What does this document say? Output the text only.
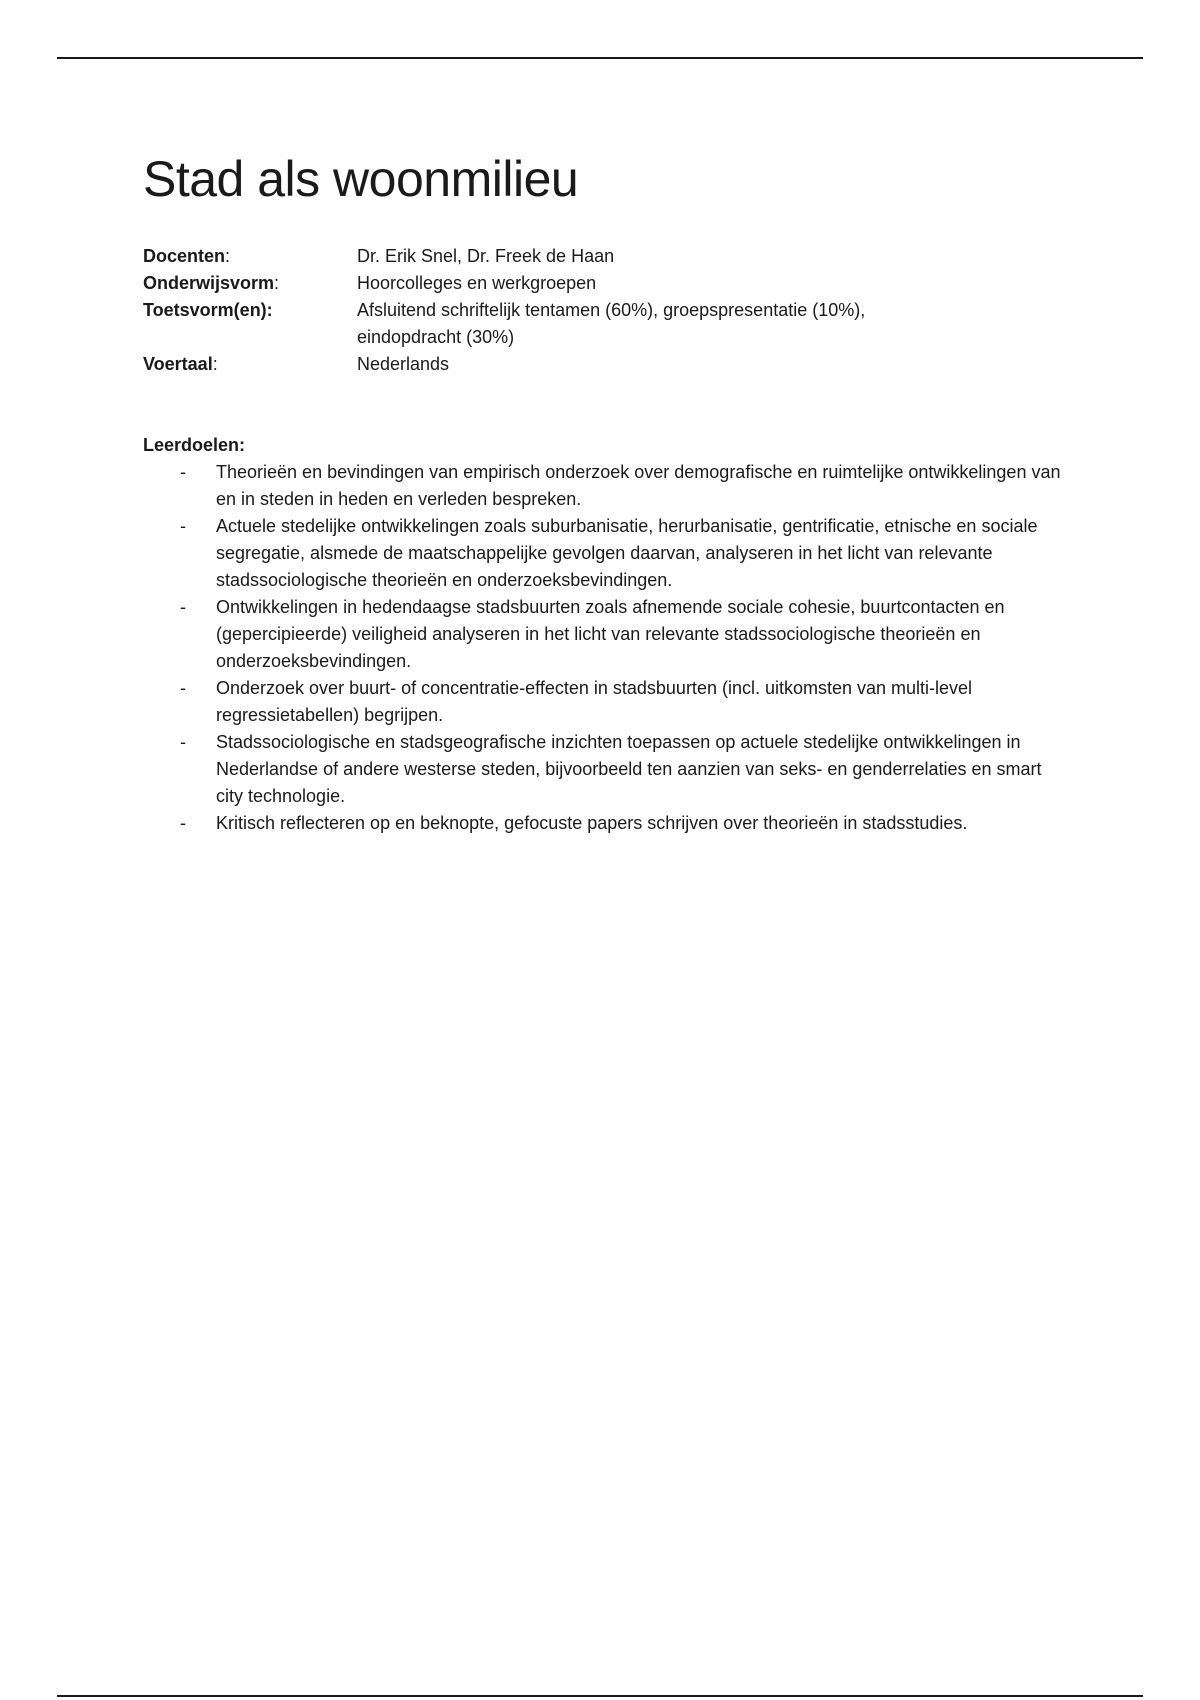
Stad als woonmilieu
Docenten:	Dr. Erik Snel, Dr. Freek de Haan
Onderwijsvorm:	Hoorcolleges en werkgroepen
Toetsvorm(en):	Afsluitend schriftelijk tentamen (60%), groepspresentatie (10%), eindopdracht (30%)
Voertaal:	Nederlands
Leerdoelen:
- Theorieën en bevindingen van empirisch onderzoek over demografische en ruimtelijke ontwikkelingen van en in steden in heden en verleden bespreken.
- Actuele stedelijke ontwikkelingen zoals suburbanisatie, herurbanisatie, gentrificatie, etnische en sociale segregatie, alsmede de maatschappelijke gevolgen daarvan, analyseren in het licht van relevante stadssociologische theorieën en onderzoeksbevindingen.
- Ontwikkelingen in hedendaagse stadsbuurten zoals afnemende sociale cohesie, buurtcontacten en (gepercipieerde) veiligheid analyseren in het licht van relevante stadssociologische theorieën en onderzoeksbevindingen.
- Onderzoek over buurt- of concentratie-effecten in stadsbuurten (incl. uitkomsten van multi-level regressietabellen) begrijpen.
- Stadssociologische en stadsgeografische inzichten toepassen op actuele stedelijke ontwikkelingen in Nederlandse of andere westerse steden, bijvoorbeeld ten aanzien van seks- en genderrelaties en smart city technologie.
- Kritisch reflecteren op en beknopte, gefocuste papers schrijven over theorieën in stadsstudies.
